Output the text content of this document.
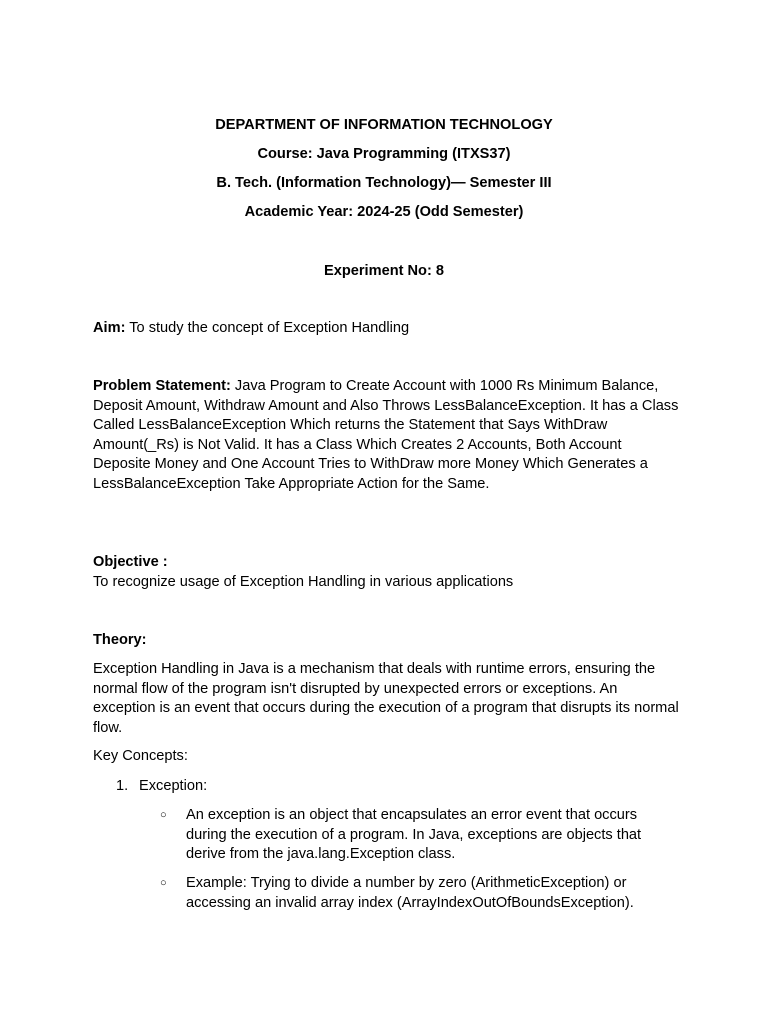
DEPARTMENT OF INFORMATION TECHNOLOGY
Course: Java Programming (ITXS37)
B. Tech. (Information Technology)— Semester III
Academic Year: 2024-25 (Odd Semester)
Experiment No: 8
Aim: To study the concept of Exception Handling
Problem Statement: Java Program to Create Account with 1000 Rs Minimum Balance, Deposit Amount, Withdraw Amount and Also Throws LessBalanceException. It has a Class Called LessBalanceException Which returns the Statement that Says WithDraw Amount(_Rs) is Not Valid. It has a Class Which Creates 2 Accounts, Both Account Deposite Money and One Account Tries to WithDraw more Money Which Generates a LessBalanceException Take Appropriate Action for the Same.
Objective :
To recognize usage of Exception Handling in various applications
Theory:
Exception Handling in Java is a mechanism that deals with runtime errors, ensuring the normal flow of the program isn't disrupted by unexpected errors or exceptions. An exception is an event that occurs during the execution of a program that disrupts its normal flow.
Key Concepts:
1. Exception:
○ An exception is an object that encapsulates an error event that occurs during the execution of a program. In Java, exceptions are objects that derive from the java.lang.Exception class.
○ Example: Trying to divide a number by zero (ArithmeticException) or accessing an invalid array index (ArrayIndexOutOfBoundsException).
